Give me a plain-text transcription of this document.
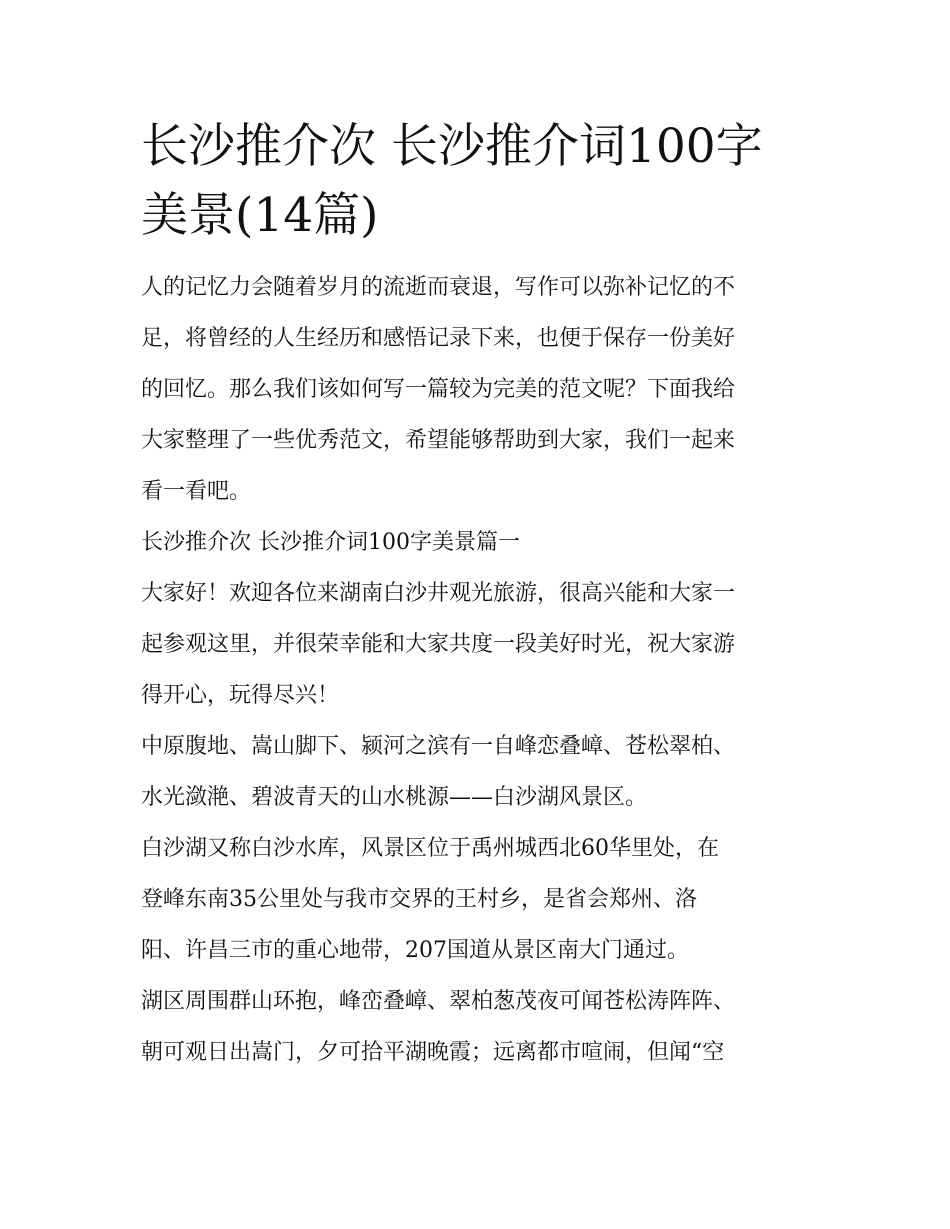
长沙推介次 长沙推介词100字
美景(14篇)

人的记忆力会随着岁月的流逝而衰退，写作可以弥补记忆的不
足，将曾经的人生经历和感悟记录下来，也便于保存一份美好
的回忆。那么我们该如何写一篇较为完美的范文呢？下面我给
大家整理了一些优秀范文，希望能够帮助到大家，我们一起来
看一看吧。

长沙推介次 长沙推介词100字美景篇一

大家好！欢迎各位来湖南白沙井观光旅游，很高兴能和大家一
起参观这里，并很荣幸能和大家共度一段美好时光，祝大家游
得开心，玩得尽兴！

中原腹地、嵩山脚下、颍河之滨有一自峰恋叠嶂、苍松翠柏、
水光潋滟、碧波青天的山水桃源——白沙湖风景区。

白沙湖又称白沙水库，风景区位于禹州城西北60华里处，在
登峰东南35公里处与我市交界的王村乡，是省会郑州、洛
阳、许昌三市的重心地带，207国道从景区南大门通过。

湖区周围群山环抱，峰峦叠嶂、翠柏葱茂夜可闻苍松涛阵阵、
朝可观日出嵩门，夕可拾平湖晚霞；远离都市喧闹，但闻“空
